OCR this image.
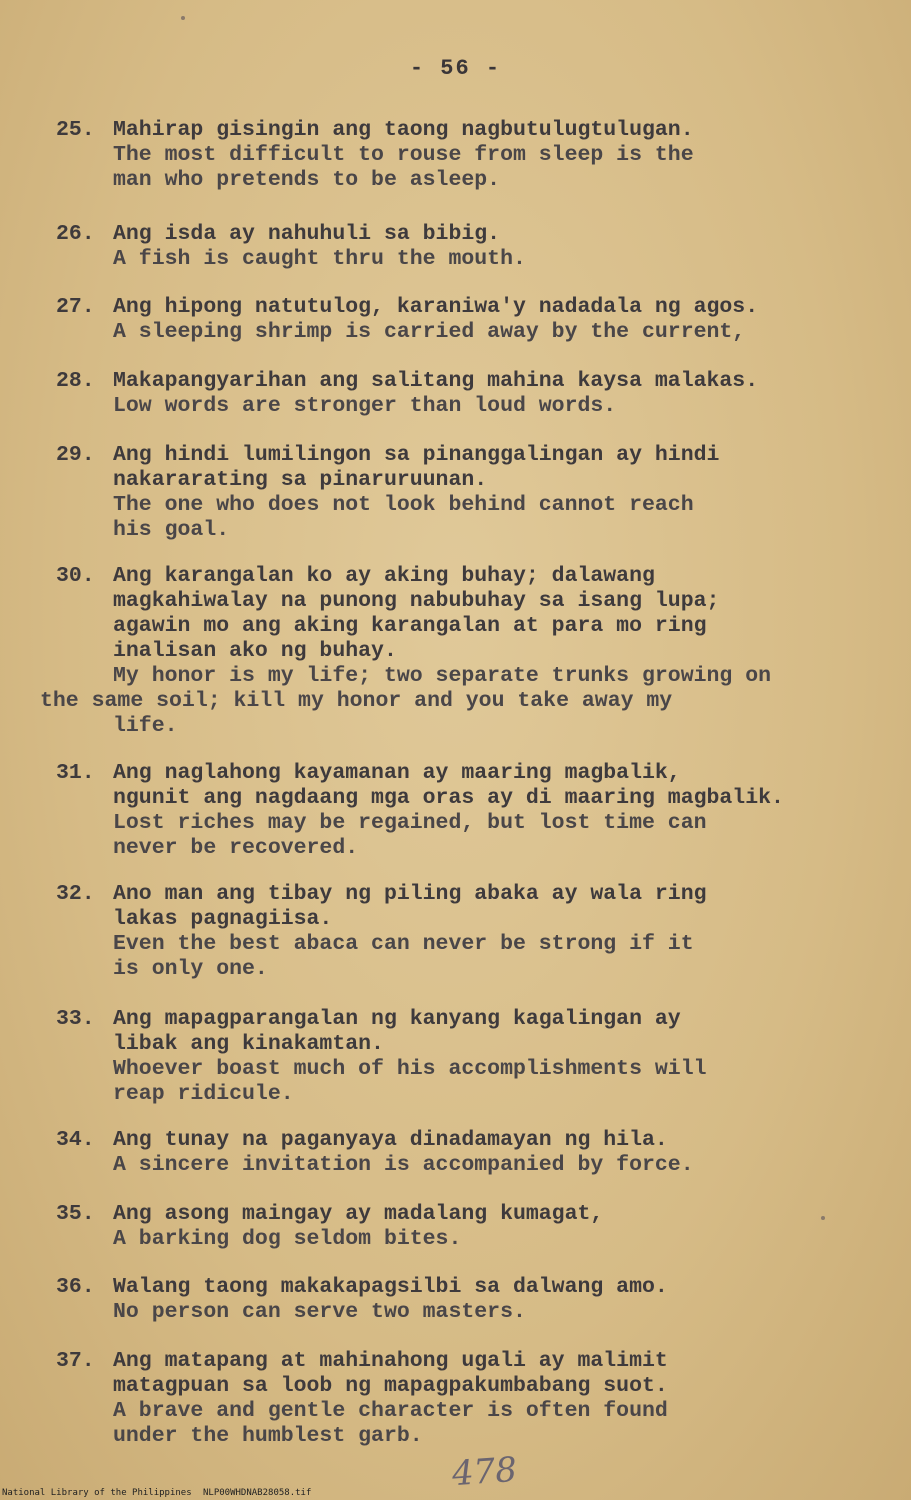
- 56 -
25. Mahirap gisingin ang taong nagbutulugtulugan.
The most difficult to rouse from sleep is the
man who pretends to be asleep.
26. Ang isda ay nahuhuli sa bibig.
A fish is caught thru the mouth.
27. Ang hipong natutulog, karaniwa'y nadadala ng agos.
A sleeping shrimp is carried away by the current,
28. Makapangyarihan ang salitang mahina kaysa malakas.
Low words are stronger than loud words.
29. Ang hindi lumilingon sa pinanggalingan ay hindi
nakararating sa pinaruruunan.
The one who does not look behind cannot reach
his goal.
30. Ang karangalan ko ay aking buhay; dalawang
magkahiwalay na punong nabubuhay sa isang lupa;
agawin mo ang aking karangalan at para mo ring
inalisan ako ng buhay.
My honor is my life; two separate trunks growing on
the same soil; kill my honor and you take away my
life.
31. Ang naglahong kayamanan ay maaring magbalik,
ngunit ang nagdaang mga oras ay di maaring magbalik.
Lost riches may be regained, but lost time can
never be recovered.
32. Ano man ang tibay ng piling abaka ay wala ring
lakas pagnagiisa.
Even the best abaca can never be strong if it
is only one.
33. Ang mapagparangalan ng kanyang kagalingan ay
libak ang kinakamtan.
Whoever boast much of his accomplishments will
reap ridicule.
34. Ang tunay na paganyaya dinadamayan ng hila.
A sincere invitation is accompanied by force.
35. Ang asong maingay ay madalang kumagat,
A barking dog seldom bites.
36. Walang taong makakapagsilbi sa dalwang amo.
No person can serve two masters.
37. Ang matapang at mahinahong ugali ay malimit
matagpuan sa loob ng mapagpakumbabang suot.
A brave and gentle character is often found
under the humblest garb.
478
National Library of the Philippines NLP00WHDNAB28058.tif
